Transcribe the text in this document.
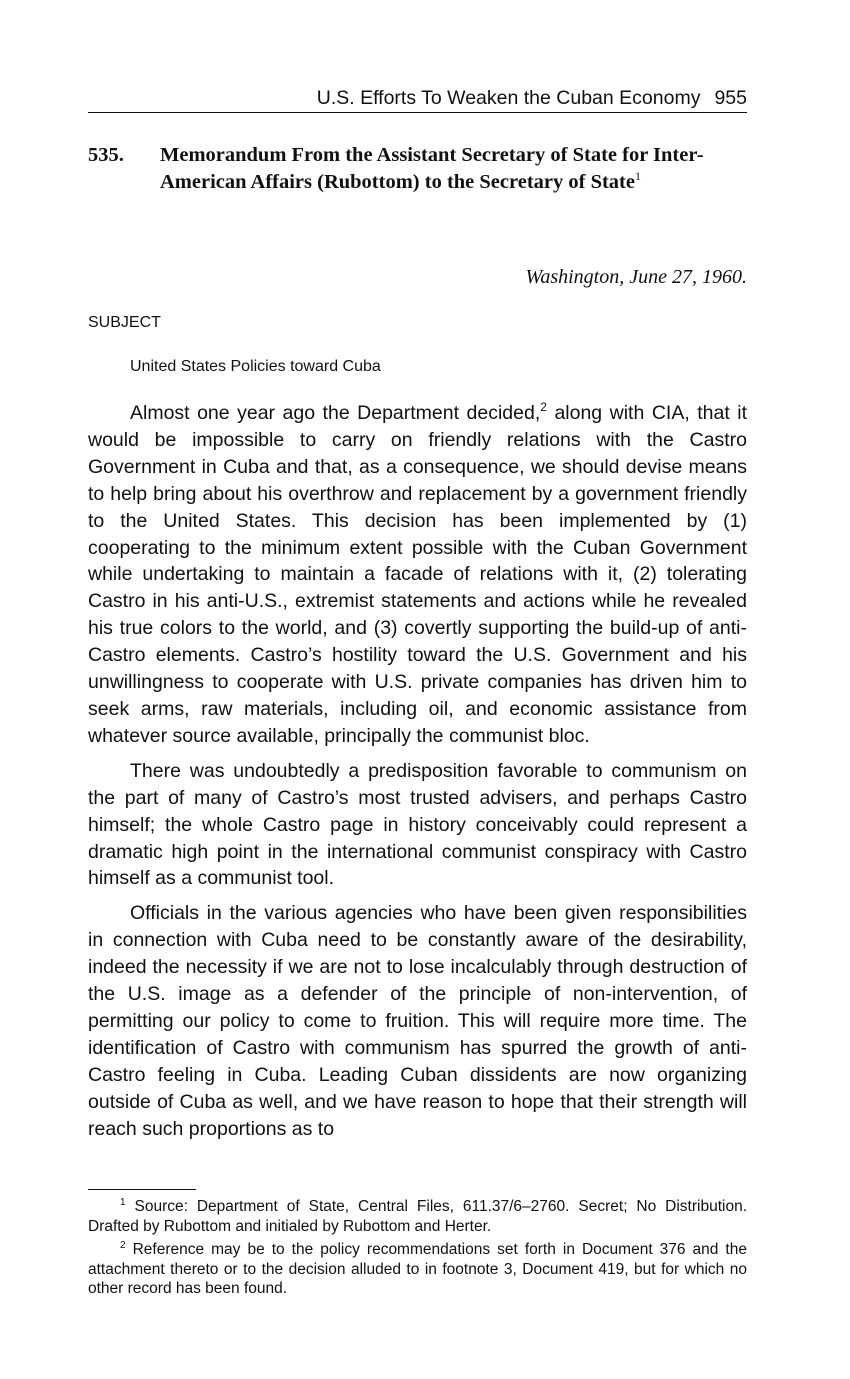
U.S. Efforts To Weaken the Cuban Economy 955
535. Memorandum From the Assistant Secretary of State for Inter-American Affairs (Rubottom) to the Secretary of State$^1$
Washington, June 27, 1960.
SUBJECT
United States Policies toward Cuba

Almost one year ago the Department decided,$^2$ along with CIA, that it would be impossible to carry on friendly relations with the Castro Government in Cuba and that, as a consequence, we should devise means to help bring about his overthrow and replacement by a government friendly to the United States. This decision has been implemented by (1) cooperating to the minimum extent possible with the Cuban Government while undertaking to maintain a facade of relations with it, (2) tolerating Castro in his anti-U.S., extremist statements and actions while he revealed his true colors to the world, and (3) covertly supporting the build-up of anti-Castro elements. Castro’s hostility toward the U.S. Government and his unwillingness to cooperate with U.S. private companies has driven him to seek arms, raw materials, including oil, and economic assistance from whatever source available, principally the communist bloc.

There was undoubtedly a predisposition favorable to communism on the part of many of Castro’s most trusted advisers, and perhaps Castro himself; the whole Castro page in history conceivably could represent a dramatic high point in the international communist conspiracy with Castro himself as a communist tool.

Officials in the various agencies who have been given responsibilities in connection with Cuba need to be constantly aware of the desirability, indeed the necessity if we are not to lose incalculably through destruction of the U.S. image as a defender of the principle of non-intervention, of permitting our policy to come to fruition. This will require more time. The identification of Castro with communism has spurred the growth of anti-Castro feeling in Cuba. Leading Cuban dissidents are now organizing outside of Cuba as well, and we have reason to hope that their strength will reach such proportions as to

$^1$ Source: Department of State, Central Files, 611.37/6–2760. Secret; No Distribution. Drafted by Rubottom and initialed by Rubottom and Herter.

$^2$ Reference may be to the policy recommendations set forth in Document 376 and the attachment thereto or to the decision alluded to in footnote 3, Document 419, but for which no other record has been found.
